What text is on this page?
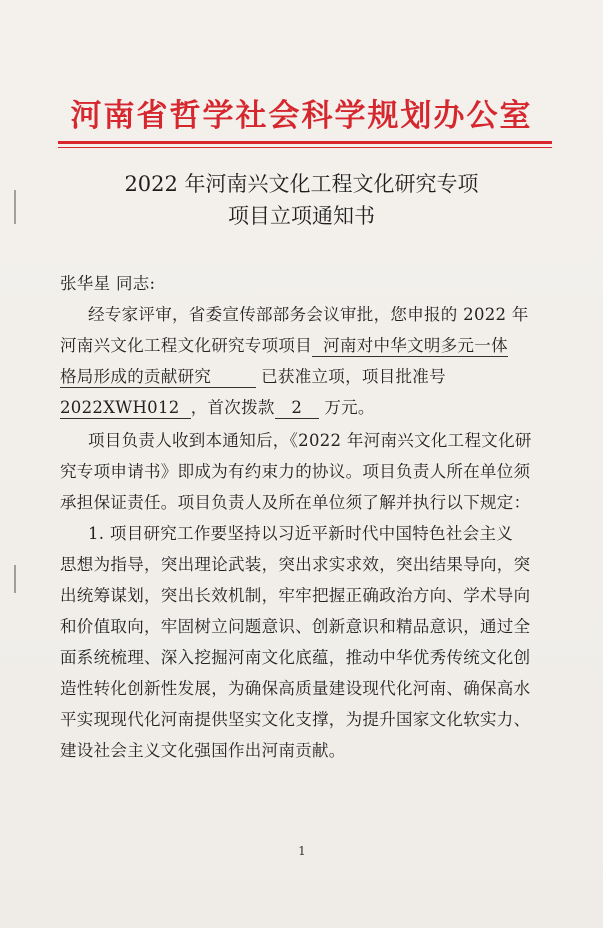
河南省哲学社会科学规划办公室
2022 年河南兴文化工程文化研究专项
项目立项通知书
张华星 同志:
经专家评审，省委宣传部部务会议审批，您申报的 2022 年
河南兴文化工程文化研究专项项目 河南对中华文明多元一体
格局形成的贡献研究	已获准立项，项目批准号
2022XWH012 ，首次拨款 2 万元。
项目负责人收到本通知后，《2022 年河南兴文化工程文化研
究专项申请书》即成为有约束力的协议。项目负责人所在单位须
承担保证责任。项目负责人及所在单位须了解并执行以下规定：
1. 项目研究工作要坚持以习近平新时代中国特色社会主义
思想为指导，突出理论武装，突出求实求效，突出结果导向，突
出统筹谋划，突出长效机制，牢牢把握正确政治方向、学术导向
和价值取向，牢固树立问题意识、创新意识和精品意识，通过全
面系统梳理、深入挖掘河南文化底蕴，推动中华优秀传统文化创
造性转化创新性发展，为确保高质量建设现代化河南、确保高水
平实现现代化河南提供坚实文化支撑，为提升国家文化软实力、
建设社会主义文化强国作出河南贡献。
1
